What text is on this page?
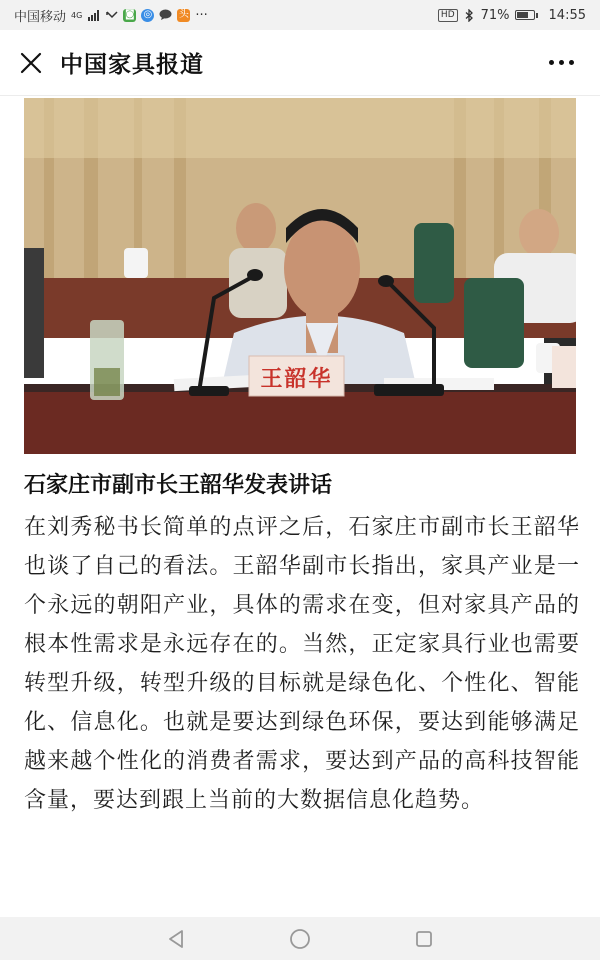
中国移动 4G	◙ ◎	头 ···	HD 71%	14:55
中国家具报道
王韶华
石家庄市副市长王韶华发表讲话
在刘秀秘书长简单的点评之后，石家庄市副市长王韶华也谈了自己的看法。王韶华副市长指出，家具产业是一个永远的朝阳产业，具体的需求在变，但对家具产品的根本性需求是永远存在的。当然，正定家具行业也需要转型升级，转型升级的目标就是绿色化、个性化、智能化、信息化。也就是要达到绿色环保，要达到能够满足越来越个性化的消费者需求，要达到产品的高科技智能含量，要达到跟上当前的大数据信息化趋势。
